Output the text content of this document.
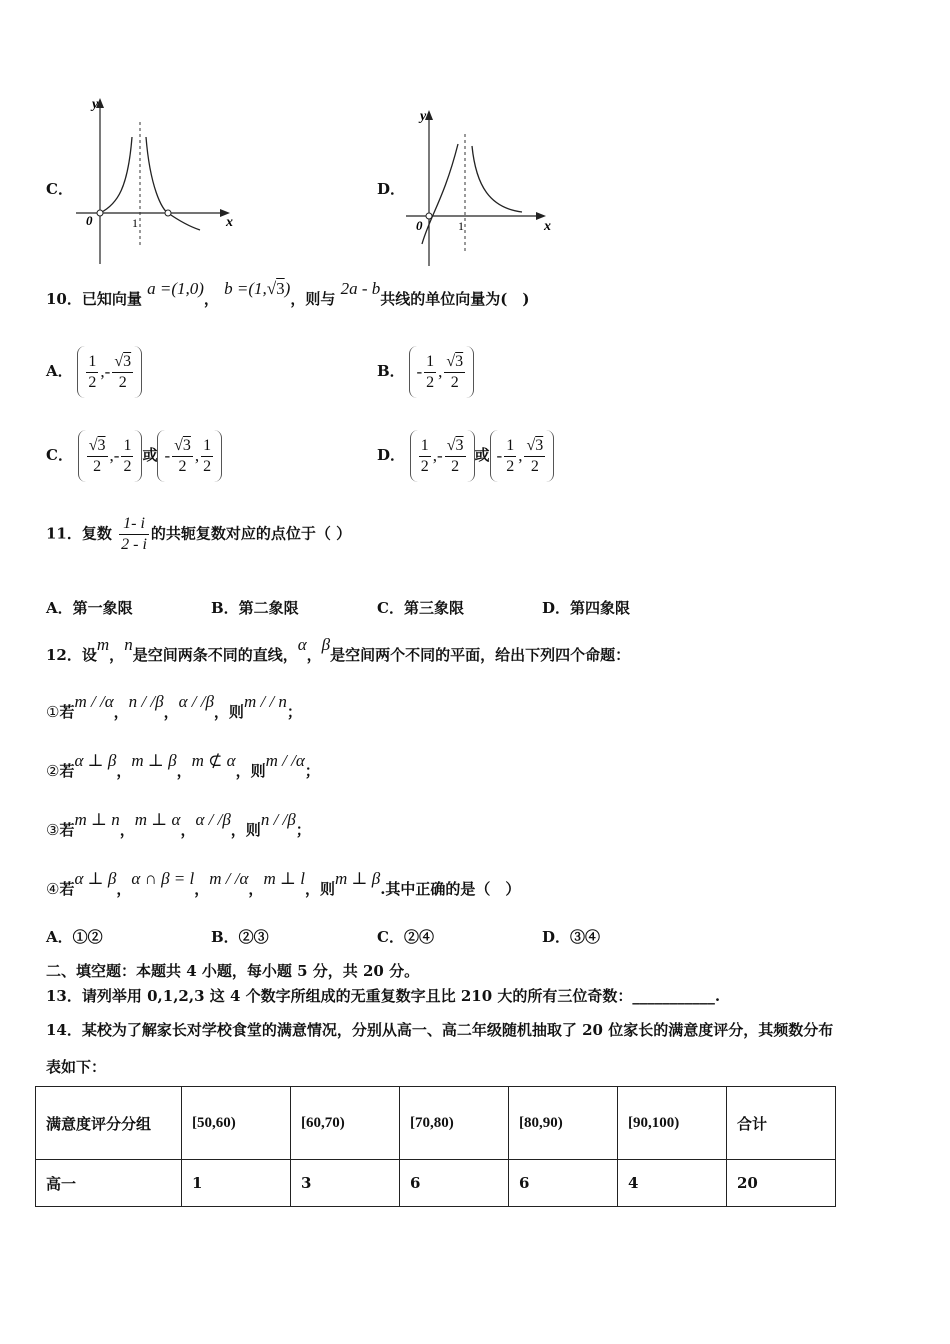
C．
0	1	x
y
D．
0	1	x
y
10．已知向量 a =(1,0)， b =(1,√3)，则与 2a - b共线的单位向量为(　)
A． $\frac{1}{2}$ , - $\frac{√3}{2}$	B． - $\frac{1}{2}$ , $\frac{√3}{2}$
C． $\frac{√3}{2}$ , - $\frac{1}{2}$ 或 - $\frac{√3}{2}$ , $\frac{1}{2}$	D． $\frac{1}{2}$ , - $\frac{√3}{2}$ 或 - $\frac{1}{2}$ , $\frac{√3}{2}$
11．复数 $\frac{1- i}{2 - i}$ 的共轭复数对应的点位于（ ）
A．第一象限	B．第二象限	C．第三象限	D．第四象限
12．设m，n是空间两条不同的直线，α，β是空间两个不同的平面，给出下列四个命题：
①若m / /α，n / /β，α / /β，则m / / n；
②若α ⊥ β，m ⊥ β，m ⊄ α，则m / /α；
③若m ⊥ n，m ⊥ α，α / /β，则n / /β；
④若α ⊥ β，α ∩ β = l，m / /α，m ⊥ l，则m ⊥ β.其中正确的是（　）
A．①②	B．②③	C．②④	D．③④
二、填空题：本题共 4 小题，每小题 5 分，共 20 分。
13．请列举用 0,1,2,3 这 4 个数字所组成的无重复数字且比 210 大的所有三位奇数：___________.
14．某校为了解家长对学校食堂的满意情况，分别从高一、高二年级随机抽取了 20 位家长的满意度评分，其频数分布
表如下：
满意度评分分组	[50,60)	[60,70)	[70,80)	[80,90)	[90,100)	合计
高一	1	3	6	6	4	20
